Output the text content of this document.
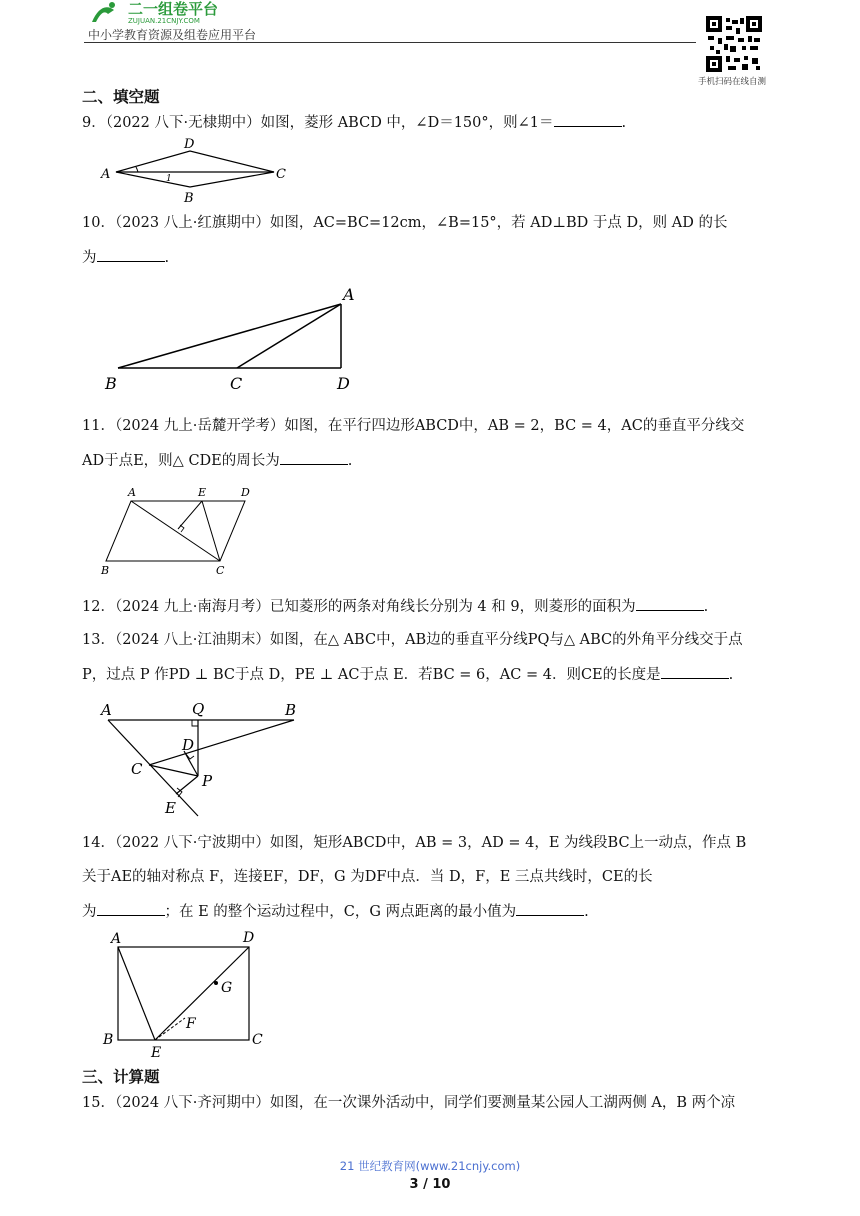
二一组卷平台
ZUJUAN.21CNJY.COM
中小学教育资源及组卷应用平台
手机扫码在线自测
二、填空题
9．（2022 八下·无棣期中）如图，菱形 ABCD 中，∠D＝150°，则∠1＝	.
A
D
C
B
1
10．（2023 八上·红旗期中）如图，AC=BC=12cm，∠B=15°，若 AD⊥BD 于点 D，则 AD 的长
为	.
A
B	C	D
11．（2024 九上·岳麓开学考）如图，在平行四边形ABCD中，AB = 2，BC = 4，AC的垂直平分线交
AD于点E，则△ CDE的周长为	.
A	E	D
B	C
12．（2024 九上·南海月考）已知菱形的两条对角线长分别为 4 和 9，则菱形的面积为	.
13．（2024 八上·江油期末）如图，在△ ABC中，AB边的垂直平分线PQ与△ ABC的外角平分线交于点
P，过点 P 作PD ⊥ BC于点 D，PE ⊥ AC于点 E．若BC = 6，AC = 4．则CE的长度是	.
A	Q	B
D
C
P
E
14．（2022 八下·宁波期中）如图，矩形ABCD中，AB = 3，AD = 4，E 为线段BC上一动点，作点 B
关于AE的轴对称点 F，连接EF，DF，G 为DF中点．当 D，F，E 三点共线时，CE的长
为	；在 E 的整个运动过程中，C，G 两点距离的最小值为	.
A	D
G
F
B	C
E
三、计算题
15．（2024 八下·齐河期中）如图，在一次课外活动中，同学们要测量某公园人工湖两侧 A，B 两个凉
21 世纪教育网(www.21cnjy.com)
3 / 10
